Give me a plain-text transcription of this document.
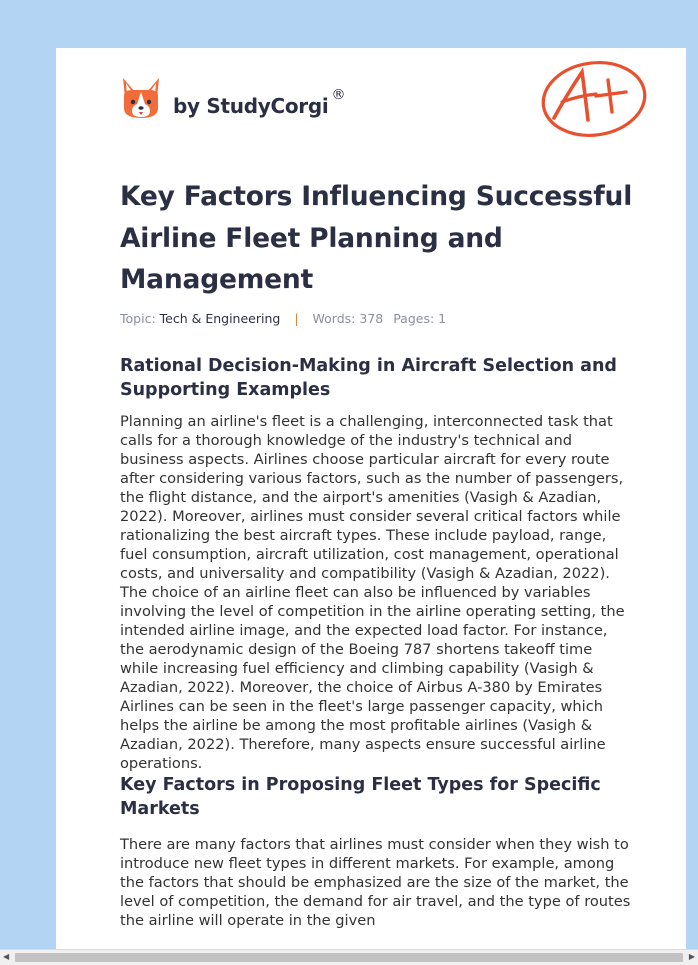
by StudyCorgi ®
Key Factors Influencing Successful Airline Fleet Planning and Management
Topic: Tech & Engineering | Words: 378 Pages: 1
Rational Decision-Making in Aircraft Selection and Supporting Examples

Planning an airline's fleet is a challenging, interconnected task that calls for a thorough knowledge of the industry's technical and business aspects. Airlines choose particular aircraft for every route after considering various factors, such as the number of passengers, the flight distance, and the airport's amenities (Vasigh & Azadian, 2022). Moreover, airlines must consider several critical factors while rationalizing the best aircraft types. These include payload, range, fuel consumption, aircraft utilization, cost management, operational costs, and universality and compatibility (Vasigh & Azadian, 2022). The choice of an airline fleet can also be influenced by variables involving the level of competition in the airline operating setting, the intended airline image, and the expected load factor. For instance, the aerodynamic design of the Boeing 787 shortens takeoff time while increasing fuel efficiency and climbing capability (Vasigh & Azadian, 2022). Moreover, the choice of Airbus A-380 by Emirates Airlines can be seen in the fleet's large passenger capacity, which helps the airline be among the most profitable airlines (Vasigh & Azadian, 2022). Therefore, many aspects ensure successful airline operations.

Key Factors in Proposing Fleet Types for Specific Markets

There are many factors that airlines must consider when they wish to introduce new fleet types in different markets. For example, among the factors that should be emphasized are the size of the market, the level of competition, the demand for air travel, and the type of routes the airline will operate in the given

◀	▶
